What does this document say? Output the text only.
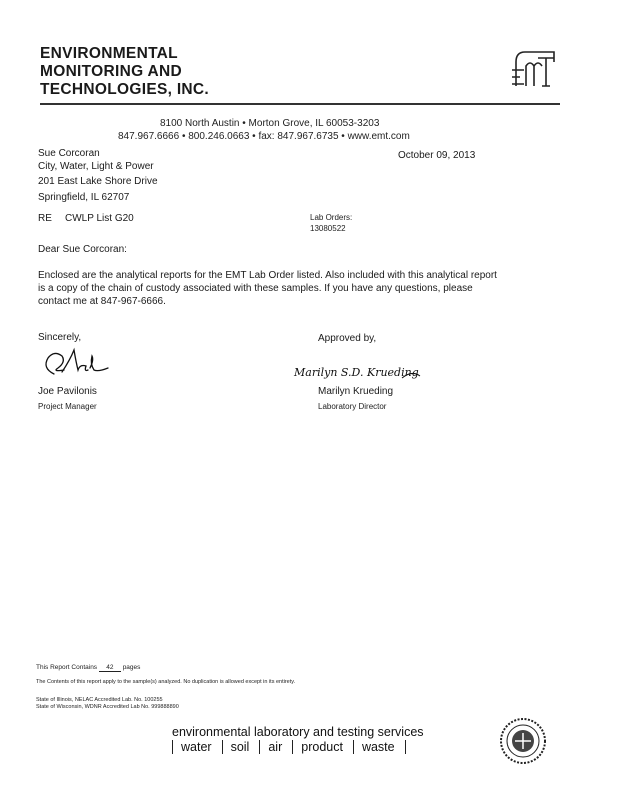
ENVIRONMENTAL
MONITORING AND
TECHNOLOGIES, INC.
8100 North Austin • Morton Grove, IL 60053-3203
847.967.6666 • 800.246.0663 • fax: 847.967.6735 • www.emt.com
Sue Corcoran
City, Water, Light & Power
201 East Lake Shore Drive
Springfield, IL 62707
October 09, 2013
RE CWLP List G20	Lab Orders:
13080522
Dear Sue Corcoran:
Enclosed are the analytical reports for the EMT Lab Order listed. Also included with this analytical report is a copy of the chain of custody associated with these samples. If you have any questions, please contact me at 847-967-6666.
Sincerely,	Approved by,
Marilyn S.D. Krueding
Joe Pavilonis
Project Manager
Marilyn Krueding
Laboratory Director
This Report Contains 42 pages
The Contents of this report apply to the sample(s) analyzed. No duplication is allowed except in its entirety.
State of Illinois, NELAC Accredited Lab. No. 100255
State of Wisconsin, WDNR Accredited Lab No. 999888890
environmental laboratory and testing services
water	soil	air	product	waste
